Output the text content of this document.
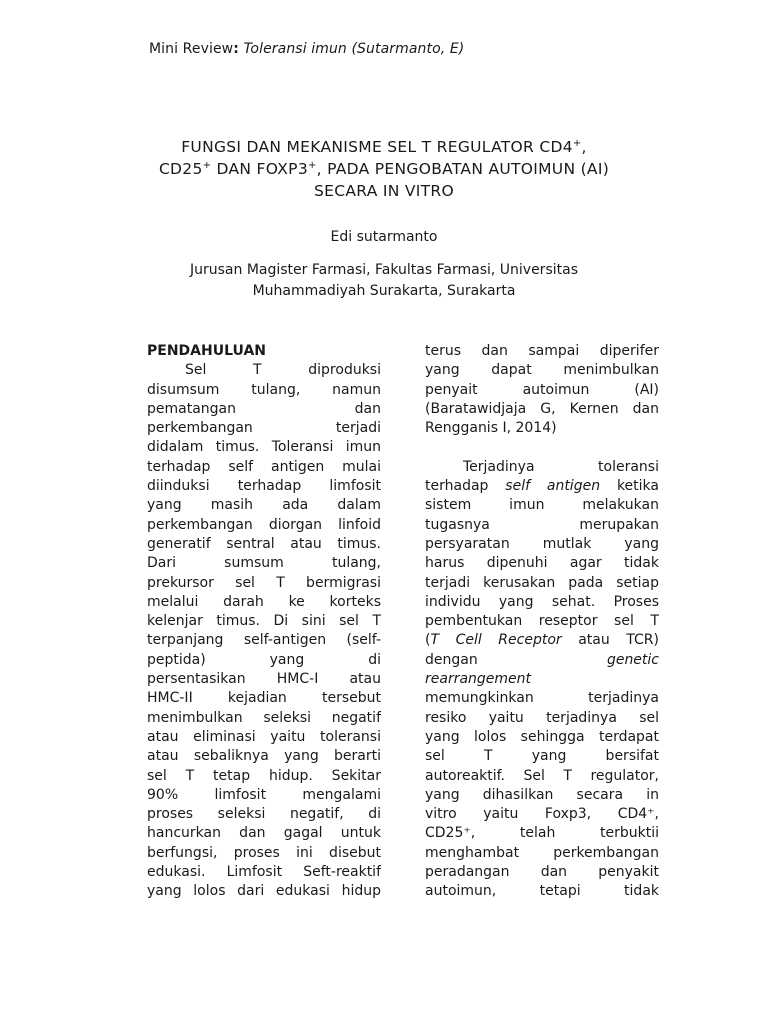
Mini Review: Toleransi imun (Sutarmanto, E)
FUNGSI DAN MEKANISME SEL T REGULATOR CD4+,
CD25+ DAN FOXP3+, PADA PENGOBATAN AUTOIMUN (AI)
SECARA IN VITRO
Edi sutarmanto
Jurusan Magister Farmasi, Fakultas Farmasi, Universitas
Muhammadiyah Surakarta, Surakarta
PENDAHULUAN
Sel T diproduksi
disumsum tulang, namun
pematangan dan
perkembangan terjadi
didalam timus. Toleransi imun
terhadap self antigen mulai
diinduksi terhadap limfosit
yang masih ada dalam
perkembangan diorgan linfoid
generatif sentral atau timus.
Dari sumsum tulang,
prekursor sel T bermigrasi
melalui darah ke korteks
kelenjar timus. Di sini sel T
terpanjang self-antigen (self-
peptida) yang di
persentasikan HMC-I atau
HMC-II kejadian tersebut
menimbulkan seleksi negatif
atau eliminasi yaitu toleransi
atau sebaliknya yang berarti
sel T tetap hidup. Sekitar
90% limfosit mengalami
proses seleksi negatif, di
hancurkan dan gagal untuk
berfungsi, proses ini disebut
edukasi. Limfosit Seft-reaktif
yang lolos dari edukasi hidup
terus dan sampai diperifer
yang dapat menimbulkan
penyait autoimun (AI)
(Baratawidjaja G, Kernen dan
Rengganis I, 2014)
Terjadinya toleransi
terhadap self antigen ketika
sistem imun melakukan
tugasnya merupakan
persyaratan mutlak yang
harus dipenuhi agar tidak
terjadi kerusakan pada setiap
individu yang sehat. Proses
pembentukan reseptor sel T
(T Cell Receptor atau TCR)
dengan genetic
rearrangement
memungkinkan terjadinya
resiko yaitu terjadinya sel
yang lolos sehingga terdapat
sel T yang bersifat
autoreaktif. Sel T regulator,
yang dihasilkan secara in
vitro yaitu Foxp3, CD4⁺,
CD25⁺, telah terbuktii
menghambat perkembangan
peradangan dan penyakit
autoimun, tetapi tidak
